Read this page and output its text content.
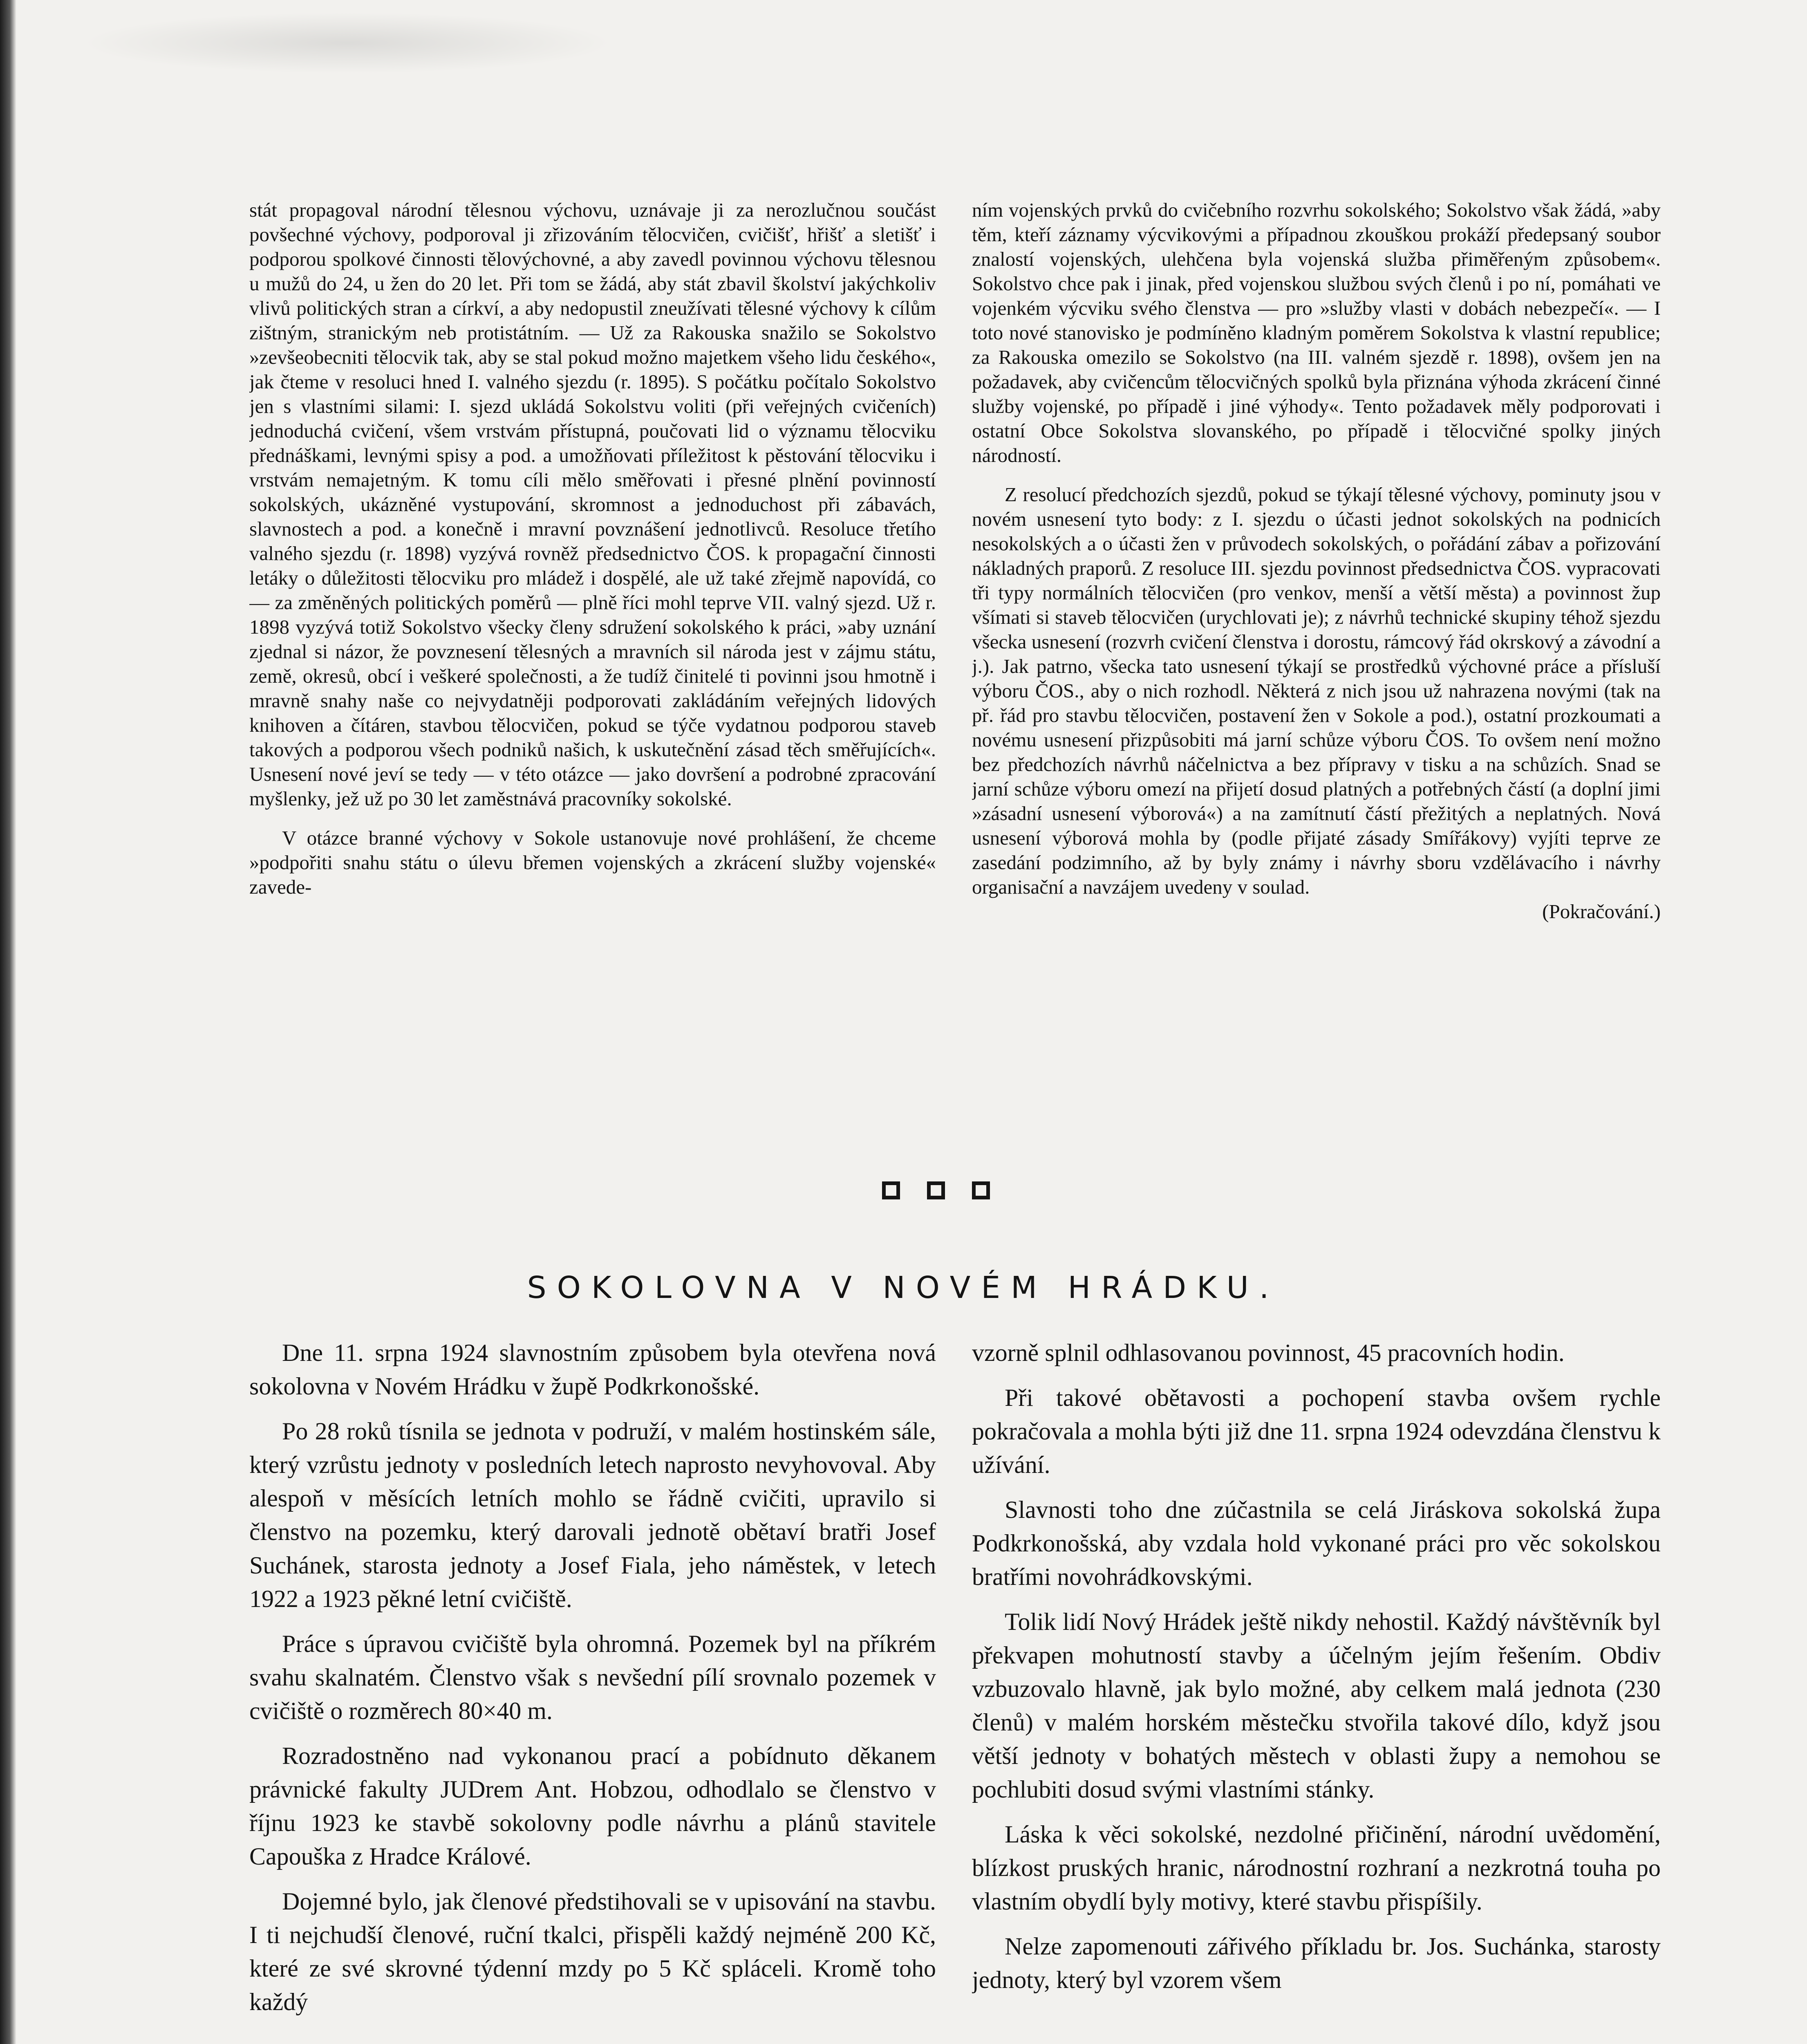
stát propagoval národní tělesnou výchovu, uznávaje ji za nerozlučnou součást povšechné výchovy, podporoval ji zřizováním tělocvičen, cvičišť, hřišť a sletišť i podporou spolkové činnosti tělovýchovné, a aby zavedl povinnou výchovu tělesnou u mužů do 24, u žen do 20 let. Při tom se žádá, aby stát zbavil školství jakýchkoliv vlivů politických stran a církví, a aby nedopustil zneužívati tělesné výchovy k cílům zištným, stranickým neb protistátním. — Už za Rakouska snažilo se Sokolstvo »zevšeobecniti tělocvik tak, aby se stal pokud možno majetkem všeho lidu českého«, jak čteme v resoluci hned I. valného sjezdu (r. 1895). S počátku počítalo Sokolstvo jen s vlastními silami: I. sjezd ukládá Sokolstvu voliti (při veřejných cvičeních) jednoduchá cvičení, všem vrstvám přístupná, poučovati lid o významu tělocviku přednáškami, levnými spisy a pod. a umožňovati příležitost k pěstování tělocviku i vrstvám nemajetným. K tomu cíli mělo směřovati i přesné plnění povinností sokolských, ukázněné vystupování, skromnost a jednoduchost při zábavách, slavnostech a pod. a konečně i mravní povznášení jednotlivců. Resoluce třetího valného sjezdu (r. 1898) vyzývá rovněž předsednictvo ČOS. k propagační činnosti letáky o důležitosti tělocviku pro mládež i dospělé, ale už také zřejmě napovídá, co — za změněných politických poměrů — plně říci mohl teprve VII. valný sjezd. Už r. 1898 vyzývá totiž Sokolstvo všecky členy sdružení sokolského k práci, »aby uznání zjednal si názor, že povznesení tělesných a mravních sil národa jest v zájmu státu, země, okresů, obcí i veškeré společnosti, a že tudíž činitelé ti povinni jsou hmotně i mravně snahy naše co nejvydatněji podporovati zakládáním veřejných lidových knihoven a čítáren, stavbou tělocvičen, pokud se týče vydatnou podporou staveb takových a podporou všech podniků našich, k uskutečnění zásad těch směřujících«. Usnesení nové jeví se tedy — v této otázce — jako dovršení a podrobné zpracování myšlenky, jež už po 30 let zaměstnává pracovníky sokolské.

V otázce branné výchovy v Sokole ustanovuje nové prohlášení, že chceme »podpořiti snahu státu o úlevu břemen vojenských a zkrácení služby vojenské« zavede-

ním vojenských prvků do cvičebního rozvrhu sokolského; Sokolstvo však žádá, »aby těm, kteří záznamy výcvikovými a případnou zkouškou prokáží předepsaný soubor znalostí vojenských, ulehčena byla vojenská služba přiměřeným způsobem«. Sokolstvo chce pak i jinak, před vojenskou službou svých členů i po ní, pomáhati ve vojenkém výcviku svého členstva — pro »služby vlasti v dobách nebezpečí«. — I toto nové stanovisko je podmíněno kladným poměrem Sokolstva k vlastní republice; za Rakouska omezilo se Sokolstvo (na III. valném sjezdě r. 1898), ovšem jen na požadavek, aby cvičencům tělocvičných spolků byla přiznána výhoda zkrácení činné služby vojenské, po případě i jiné výhody«. Tento požadavek měly podporovati i ostatní Obce Sokolstva slovanského, po případě i tělocvičné spolky jiných národností.

Z resolucí předchozích sjezdů, pokud se týkají tělesné výchovy, pominuty jsou v novém usnesení tyto body: z I. sjezdu o účasti jednot sokolských na podnicích nesokolských a o účasti žen v průvodech sokolských, o pořádání zábav a pořizování nákladných praporů. Z resoluce III. sjezdu povinnost předsednictva ČOS. vypracovati tři typy normálních tělocvičen (pro venkov, menší a větší města) a povinnost žup všímati si staveb tělocvičen (urychlovati je); z návrhů technické skupiny téhož sjezdu všecka usnesení (rozvrh cvičení členstva i dorostu, rámcový řád okrskový a závodní a j.). Jak patrno, všecka tato usnesení týkají se prostředků výchovné práce a přísluší výboru ČOS., aby o nich rozhodl. Některá z nich jsou už nahrazena novými (tak na př. řád pro stavbu tělocvičen, postavení žen v Sokole a pod.), ostatní prozkoumati a novému usnesení přizpůsobiti má jarní schůze výboru ČOS. To ovšem není možno bez předchozích návrhů náčelnictva a bez přípravy v tisku a na schůzích. Snad se jarní schůze výboru omezí na přijetí dosud platných a potřebných částí (a doplní jimi »zásadní usnesení výborová«) a na zamítnutí částí přežitých a neplatných. Nová usnesení výborová mohla by (podle přijaté zásady Smířákovy) vyjíti teprve ze zasedání podzimního, až by byly známy i návrhy sboru vzdělávacího i návrhy organisační a navzájem uvedeny v soulad.

(Pokračování.)

SOKOLOVNA V NOVÉM HRÁDKU.

Dne 11. srpna 1924 slavnostním způsobem byla otevřena nová sokolovna v Novém Hrádku v župě Podkrkonošské.

Po 28 roků tísnila se jednota v podruží, v malém hostinském sále, který vzrůstu jednoty v posledních letech naprosto nevyhovoval. Aby alespoň v měsících letních mohlo se řádně cvičiti, upravilo si členstvo na pozemku, který darovali jednotě obětaví bratři Josef Suchánek, starosta jednoty a Josef Fiala, jeho náměstek, v letech 1922 a 1923 pěkné letní cvičiště.

Práce s úpravou cvičiště byla ohromná. Pozemek byl na příkrém svahu skalnatém. Členstvo však s nevšední pílí srovnalo pozemek v cvičiště o rozměrech 80×40 m.

Rozradostněno nad vykonanou prací a pobídnuto děkanem právnické fakulty JUDrem Ant. Hobzou, odhodlalo se členstvo v říjnu 1923 ke stavbě sokolovny podle návrhu a plánů stavitele Capouška z Hradce Králové.

Dojemné bylo, jak členové předstihovali se v upisování na stavbu. I ti nejchudší členové, ruční tkalci, přispěli každý nejméně 200 Kč, které ze své skrovné týdenní mzdy po 5 Kč spláceli. Kromě toho každý

vzorně splnil odhlasovanou povinnost, 45 pracovních hodin.

Při takové obětavosti a pochopení stavba ovšem rychle pokračovala a mohla býti již dne 11. srpna 1924 odevzdána členstvu k užívání.

Slavnosti toho dne zúčastnila se celá Jiráskova sokolská župa Podkrkonošská, aby vzdala hold vykonané práci pro věc sokolskou bratřími novohrádkovskými.

Tolik lidí Nový Hrádek ještě nikdy nehostil. Každý návštěvník byl překvapen mohutností stavby a účelným jejím řešením. Obdiv vzbuzovalo hlavně, jak bylo možné, aby celkem malá jednota (230 členů) v malém horském městečku stvořila takové dílo, když jsou větší jednoty v bohatých městech v oblasti župy a nemohou se pochlubiti dosud svými vlastními stánky.

Láska k věci sokolské, nezdolné přičinění, národní uvědomění, blízkost pruských hranic, národnostní rozhraní a nezkrotná touha po vlastním obydlí byly motivy, které stavbu přispíšily.

Nelze zapomenouti zářivého příkladu br. Jos. Suchánka, starosty jednoty, který byl vzorem všem
